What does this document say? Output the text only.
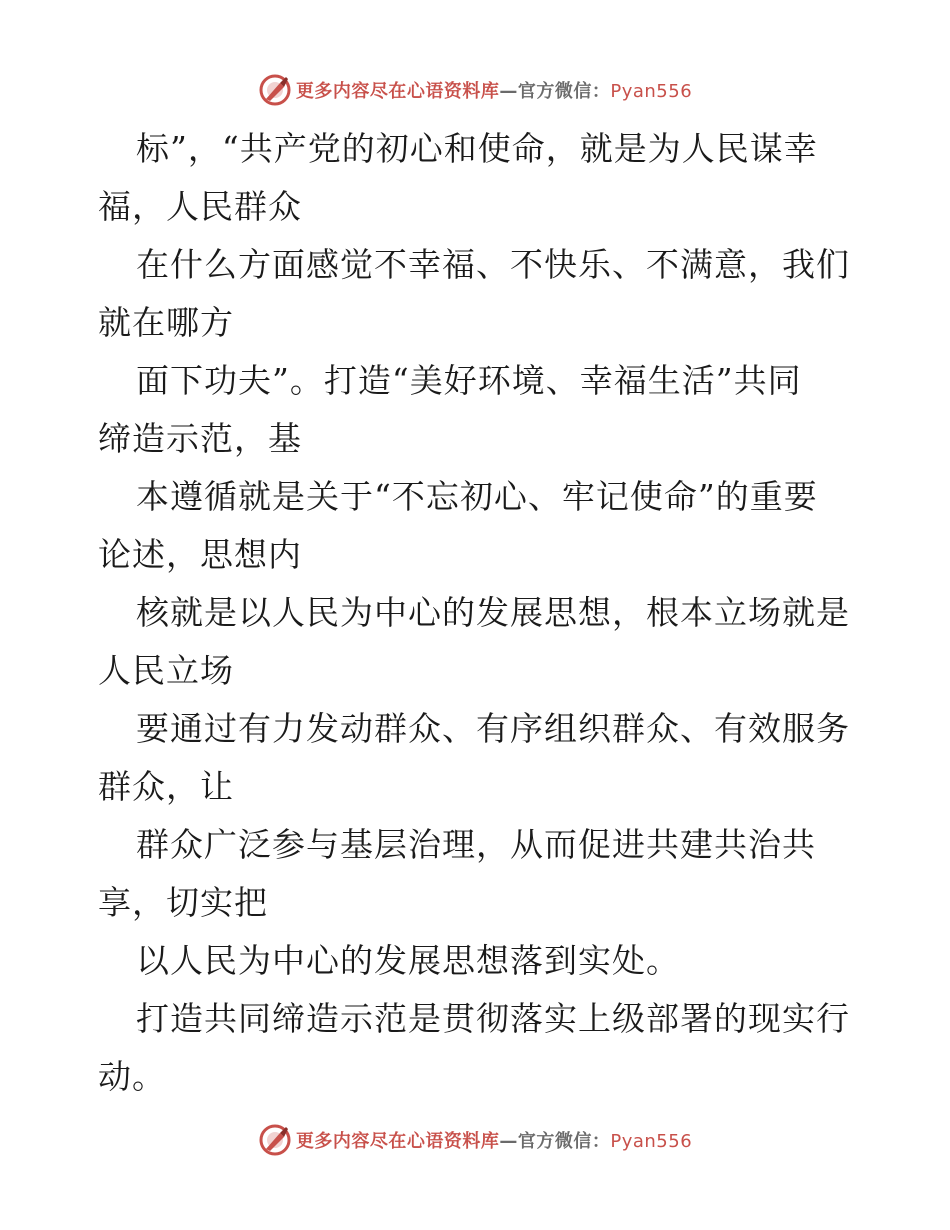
更多内容尽在心语资料库—官方微信：Pyan556
标”，“共产党的初心和使命，就是为人民谋幸
福，人民群众
在什么方面感觉不幸福、不快乐、不满意，我们
就在哪方
面下功夫”。打造“美好环境、幸福生活”共同
缔造示范，基
本遵循就是关于“不忘初心、牢记使命”的重要
论述，思想内
核就是以人民为中心的发展思想，根本立场就是
人民立场
要通过有力发动群众、有序组织群众、有效服务
群众，让
群众广泛参与基层治理，从而促进共建共治共
享，切实把
以人民为中心的发展思想落到实处。
打造共同缔造示范是贯彻落实上级部署的现实行
动。
更多内容尽在心语资料库—官方微信：Pyan556
